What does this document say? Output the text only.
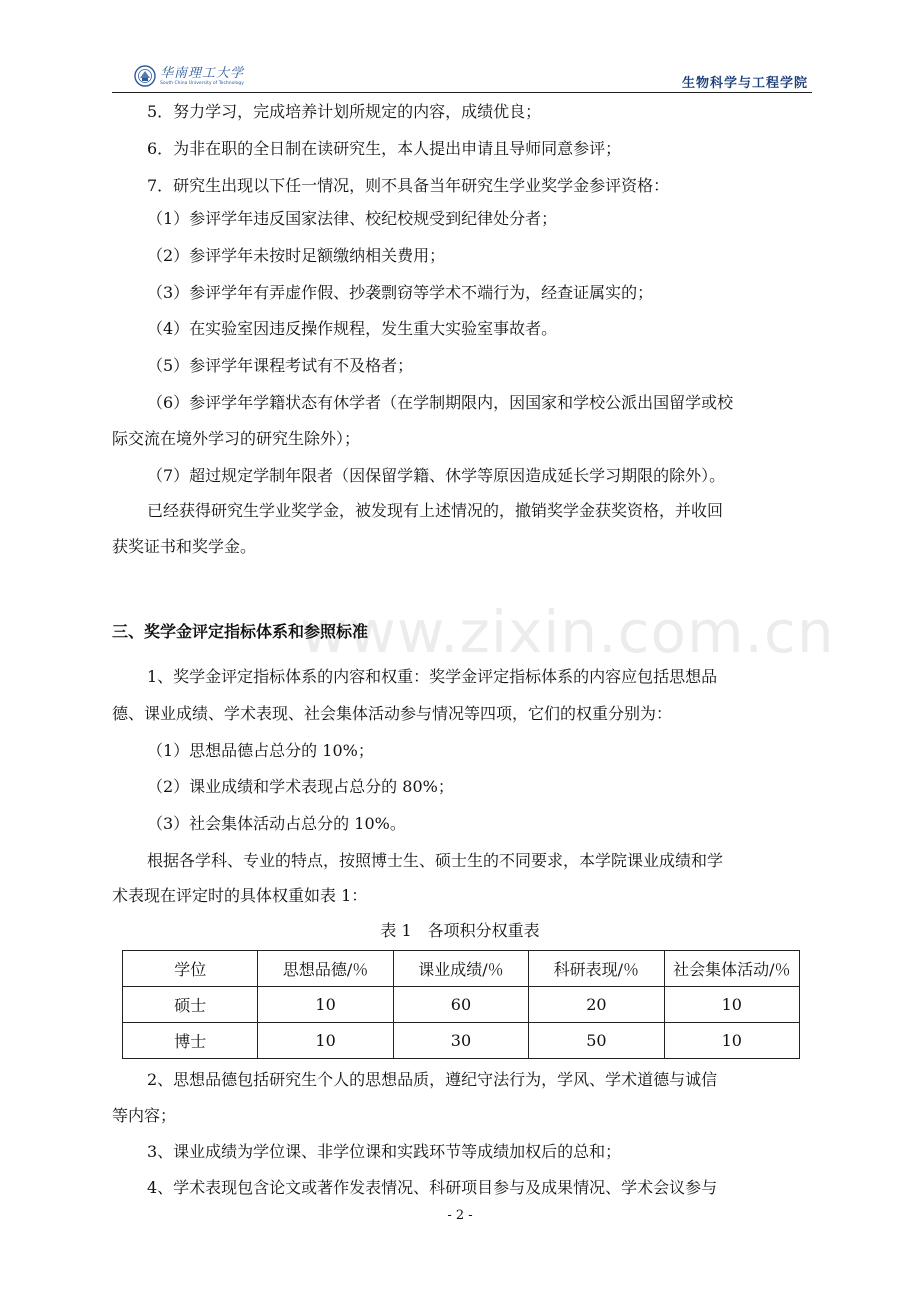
华南理工大学
South China University of Technology	生物科学与工程学院
www.zixin.com.cn
5．努力学习，完成培养计划所规定的内容，成绩优良；
6．为非在职的全日制在读研究生，本人提出申请且导师同意参评；
7．研究生出现以下任一情况，则不具备当年研究生学业奖学金参评资格：
（1）参评学年违反国家法律、校纪校规受到纪律处分者；
（2）参评学年未按时足额缴纳相关费用；
（3）参评学年有弄虚作假、抄袭剽窃等学术不端行为，经查证属实的；
（4）在实验室因违反操作规程，发生重大实验室事故者。
（5）参评学年课程考试有不及格者；
（6）参评学年学籍状态有休学者（在学制期限内，因国家和学校公派出国留学或校
际交流在境外学习的研究生除外）；
（7）超过规定学制年限者（因保留学籍、休学等原因造成延长学习期限的除外）。
已经获得研究生学业奖学金，被发现有上述情况的，撤销奖学金获奖资格，并收回
获奖证书和奖学金。
三、奖学金评定指标体系和参照标准
1、奖学金评定指标体系的内容和权重：奖学金评定指标体系的内容应包括思想品
德、课业成绩、学术表现、社会集体活动参与情况等四项，它们的权重分别为：
（1）思想品德占总分的 10%；
（2）课业成绩和学术表现占总分的 80%；
（3）社会集体活动占总分的 10%。
根据各学科、专业的特点，按照博士生、硕士生的不同要求，本学院课业成绩和学
术表现在评定时的具体权重如表 1：
表 1　各项积分权重表
学位	思想品德/％	课业成绩/％	科研表现/％	社会集体活动/％
硕士	10	60	20	10
博士	10	30	50	10
2、思想品德包括研究生个人的思想品质，遵纪守法行为，学风、学术道德与诚信
等内容；
3、课业成绩为学位课、非学位课和实践环节等成绩加权后的总和；
4、学术表现包含论文或著作发表情况、科研项目参与及成果情况、学术会议参与
- 2 -
